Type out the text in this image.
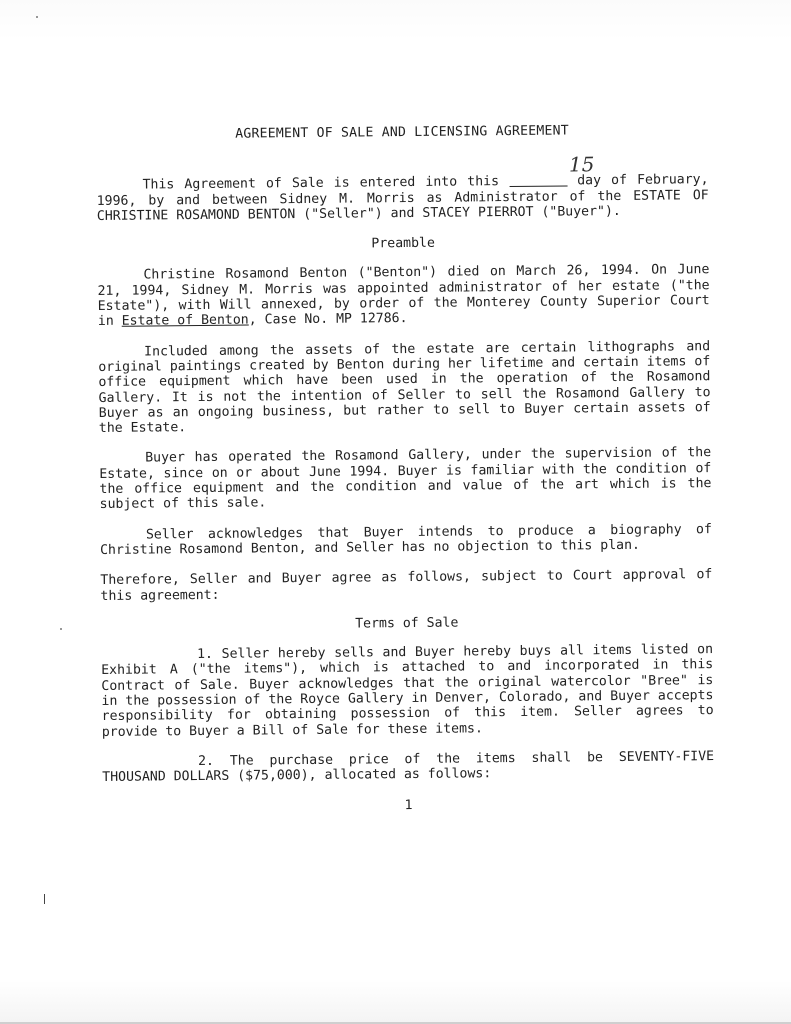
AGREEMENT OF SALE AND LICENSING AGREEMENT

This Agreement of Sale is entered into this
15
day of February, 1996, by and between Sidney M. Morris as Administrator of the ESTATE OF CHRISTINE ROSAMOND BENTON ("Seller") and STACEY PIERROT ("Buyer").

Preamble

Christine Rosamond Benton ("Benton") died on March 26, 1994. On June 21, 1994, Sidney M. Morris was appointed administrator of her estate ("the Estate"), with Will annexed, by order of the Monterey County Superior Court in Estate of Benton, Case No. MP 12786.

Included among the assets of the estate are certain lithographs and original paintings created by Benton during her lifetime and certain items of office equipment which have been used in the operation of the Rosamond Gallery. It is not the intention of Seller to sell the Rosamond Gallery to Buyer as an ongoing business, but rather to sell to Buyer certain assets of the Estate.

Buyer has operated the Rosamond Gallery, under the supervision of the Estate, since on or about June 1994. Buyer is familiar with the condition of the office equipment and the condition and value of the art which is the subject of this sale.

Seller acknowledges that Buyer intends to produce a biography of Christine Rosamond Benton, and Seller has no objection to this plan.

Therefore, Seller and Buyer agree as follows, subject to Court approval of this agreement:

Terms of Sale

1. Seller hereby sells and Buyer hereby buys all items listed on Exhibit A ("the items"), which is attached to and incorporated in this Contract of Sale. Buyer acknowledges that the original watercolor "Bree" is in the possession of the Royce Gallery in Denver, Colorado, and Buyer accepts responsibility for obtaining possession of this item. Seller agrees to provide to Buyer a Bill of Sale for these items.

2. The purchase price of the items shall be SEVENTY-FIVE THOUSAND DOLLARS ($75,000), allocated as follows:

1
